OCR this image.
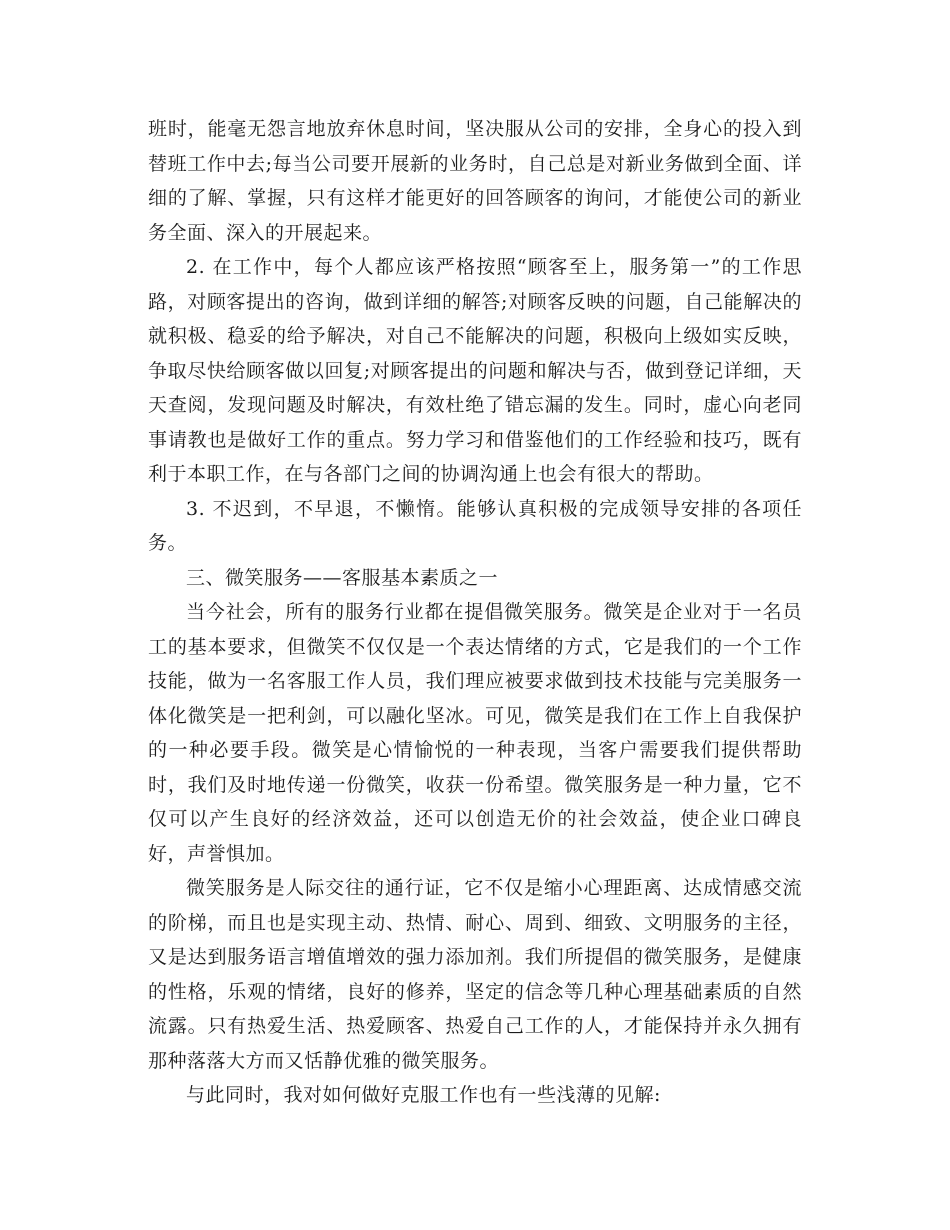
班时，能毫无怨言地放弃休息时间，坚决服从公司的安排，全身心的投入到替班工作中去;每当公司要开展新的业务时，自己总是对新业务做到全面、详细的了解、掌握，只有这样才能更好的回答顾客的询问，才能使公司的新业务全面、深入的开展起来。

2. 在工作中，每个人都应该严格按照“顾客至上，服务第一”的工作思路，对顾客提出的咨询，做到详细的解答;对顾客反映的问题，自己能解决的就积极、稳妥的给予解决，对自己不能解决的问题，积极向上级如实反映，争取尽快给顾客做以回复;对顾客提出的问题和解决与否，做到登记详细，天天查阅，发现问题及时解决，有效杜绝了错忘漏的发生。同时，虚心向老同事请教也是做好工作的重点。努力学习和借鉴他们的工作经验和技巧，既有利于本职工作，在与各部门之间的协调沟通上也会有很大的帮助。

3. 不迟到，不早退，不懒惰。能够认真积极的完成领导安排的各项任务。

三、微笑服务——客服基本素质之一

当今社会，所有的服务行业都在提倡微笑服务。微笑是企业对于一名员工的基本要求，但微笑不仅仅是一个表达情绪的方式，它是我们的一个工作技能，做为一名客服工作人员，我们理应被要求做到技术技能与完美服务一体化微笑是一把利剑，可以融化坚冰。可见，微笑是我们在工作上自我保护的一种必要手段。微笑是心情愉悦的一种表现，当客户需要我们提供帮助时，我们及时地传递一份微笑，收获一份希望。微笑服务是一种力量，它不仅可以产生良好的经济效益，还可以创造无价的社会效益，使企业口碑良好，声誉惧加。

微笑服务是人际交往的通行证，它不仅是缩小心理距离、达成情感交流的阶梯，而且也是实现主动、热情、耐心、周到、细致、文明服务的主径，又是达到服务语言增值增效的强力添加剂。我们所提倡的微笑服务，是健康的性格，乐观的情绪，良好的修养，坚定的信念等几种心理基础素质的自然流露。只有热爱生活、热爱顾客、热爱自己工作的人，才能保持并永久拥有那种落落大方而又恬静优雅的微笑服务。

与此同时，我对如何做好克服工作也有一些浅薄的见解:
